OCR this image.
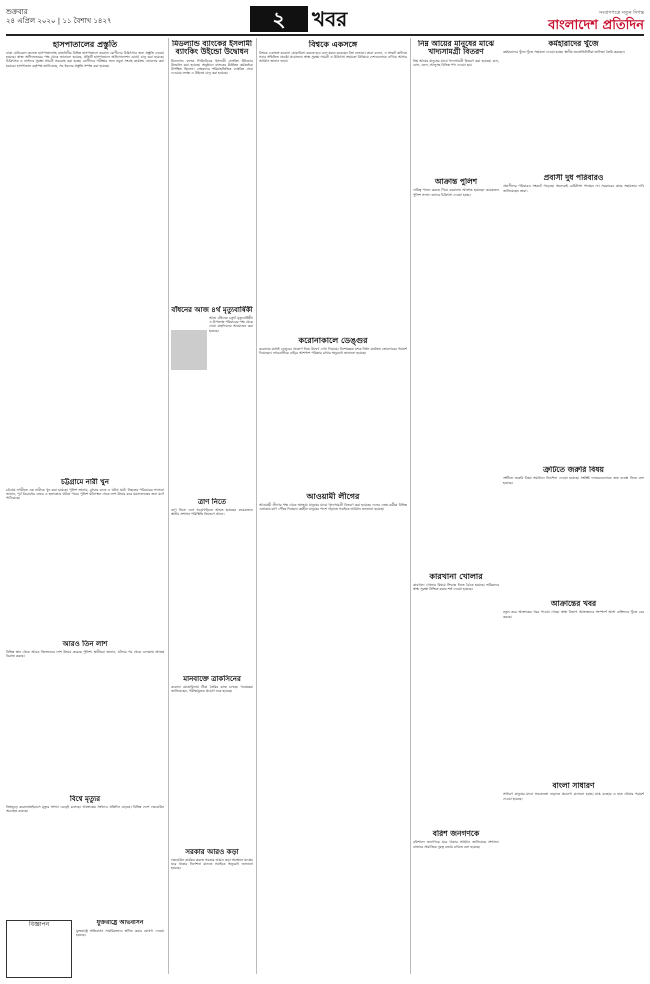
শুক্রবার
২৪ এপ্রিল ২০২০ | ১১ বৈশাখ ১৪২৭	২	খবর	সংবাদপত্রে নতুন দিগন্ত
বাংলাদেশ প্রতিদিন
হাসপাতালের প্রস্তুতি

ঢাকা মেডিকেল কলেজ হাসপাতালসহ রাজধানীর বিভিন্ন হাসপাতালে করোনা রোগীদের চিকিৎসার জন্য প্রস্তুতি নেওয়া হয়েছে। স্বাস্থ্য অধিদফতরের পক্ষ থেকে জানানো হয়েছে, প্রতিটি হাসপাতালে আইসোলেশন ওয়ার্ড চালু করা হয়েছে। চিকিৎসক ও নার্সদের সুরক্ষা সামগ্রী সরবরাহ করা হচ্ছে। রোগীদের পরীক্ষার জন্য নমুনা সংগ্রহ কার্যক্রম জোরদার করা হয়েছে। হাসপাতাল কর্তৃপক্ষ জানিয়েছে, সব ধরনের প্রস্তুতি সম্পন্ন করা হয়েছে।

চট্টগ্রামে নারী খুন

চট্টগ্রাম নগরীতে এক নারীকে খুন করা হয়েছে। পুলিশ জানায়, বুধবার রাতে এ ঘটনা ঘটে। নিহতের পরিবারের সদস্যরা জানান, পূর্ব বিরোধের জেরে এ হত্যাকাণ্ড ঘটতে পারে। পুলিশ ঘটনাস্থল থেকে লাশ উদ্ধার করে ময়নাতদন্তের জন্য মর্গে পাঠিয়েছে।

আরও তিন লাশ

বিভিন্ন স্থান থেকে আরও তিনজনের লাশ উদ্ধার করেছে পুলিশ। স্থানীয়রা জানান, ঘটনার পর থেকে এলাকায় আতঙ্ক বিরাজ করছে।

বিশ্বে মৃত্যুর

বিশ্বজুড়ে করোনাভাইরাসে মৃত্যুর সংখ্যা বেড়েই চলেছে। আক্রান্তের সংখ্যাও প্রতিদিন বাড়ছে। বিভিন্ন দেশে লকডাউন অব্যাহত রয়েছে।

বিজ্ঞাপন	যুক্তরাষ্ট্রে অভিবাসন

যুক্তরাষ্ট্রে অভিবাসন সাময়িকভাবে স্থগিত করার ঘোষণা দেওয়া হয়েছে।

মিডল্যান্ড ব্যাংকের ইসলামী ব্যাংকিং উইন্ডো উদ্বোধন

মিডল্যান্ড ব্যাংক লিমিটেডের ইসলামী ব্যাংকিং উইন্ডোর উদ্বোধন করা হয়েছে। অনুষ্ঠানে ব্যাংকের ঊর্ধ্বতন কর্মকর্তারা উপস্থিত ছিলেন। গ্রাহকদের শরিয়াহভিত্তিক ব্যাংকিং সেবা দেওয়ার লক্ষ্যে এ উইন্ডো চালু করা হয়েছে।

বাঁধনের আজ ৪র্থ মৃত্যুবার্ষিকী

আজ বাঁধনের চতুর্থ মৃত্যুবার্ষিকী। এ উপলক্ষে পরিবারের পক্ষ থেকে দোয়া মাহফিলের আয়োজন করা হয়েছে।

ত্রাণ নিতে

ত্রাণ নিতে এসে হুড়োহুড়িতে আহত হয়েছেন কয়েকজন। স্থানীয় প্রশাসন পরিস্থিতি নিয়ন্ত্রণে আনে।

মানবাক্তে ত্রাকসিনের

করোনা মোকাবিলায় টিকা তৈরির কাজ চলছে। গবেষকরা জানিয়েছেন, পরীক্ষামূলক প্রয়োগ শুরু হয়েছে।

সরকার আরও কড়া

লকডাউন কার্যকর করতে সরকার আরও কড়া অবস্থানে যাচ্ছে। ঘরে থাকার নির্দেশনা মানতে সবাইকে অনুরোধ জানানো হয়েছে।

বিশ্বকে একসঙ্গে

বিশ্বকে একসঙ্গে করোনা মোকাবিলা করতে হবে বলে মন্তব্য করেছেন বিশ্ব নেতারা। তারা বলেন, এ সংকট কাটাতে সবার সম্মিলিত প্রচেষ্টা প্রয়োজন। স্বাস্থ্য সুরক্ষা সামগ্রী ও চিকিৎসা সহায়তা বিনিময়ে দেশগুলোকে এগিয়ে আসার আহ্বান জানান তারা।

করোনাকালে ডেঙ্গুর

করোনার মধ্যেই ডেঙ্গুর প্রকোপ নিয়ে উদ্বেগ দেখা দিয়েছে। বিশেষজ্ঞরা মশক নিধন কার্যক্রম জোরদারের পরামর্শ দিয়েছেন। নগরবাসীকে বাড়ির আশপাশ পরিষ্কার রাখার অনুরোধ জানানো হয়েছে।

আওয়ামী লীগের

আওয়ামী লীগের পক্ষ থেকে অসহায় মানুষের মাঝে খাদ্যসামগ্রী বিতরণ করা হয়েছে। দলের নেতা-কর্মীরা বিভিন্ন এলাকায় ত্রাণ পৌঁছে দিচ্ছেন। কর্মহীন মানুষের পাশে দাঁড়াতে সবাইকে আহ্বান জানানো হয়েছে।

নিম্ন আয়ের মানুষের মাঝে খাদ্যসামগ্রী বিতরণ

নিম্ন আয়ের মানুষের মাঝে খাদ্যসামগ্রী বিতরণ করা হয়েছে। চাল, ডাল, তেল, আলুসহ বিভিন্ন পণ্য দেওয়া হয়।

আক্রান্ত পুলিশ

দায়িত্ব পালন করতে গিয়ে করোনায় আক্রান্ত হয়েছেন কয়েকজন পুলিশ সদস্য। তাদের চিকিৎসা দেওয়া হচ্ছে।

কারখানা খোলার

কারখানা খোলার বিষয়ে সিদ্ধান্ত নিতে বৈঠক হয়েছে। শ্রমিকদের স্বাস্থ্য সুরক্ষা নিশ্চিত করার শর্ত দেওয়া হয়েছে।

বরিশ জনগণকে

বরিশালে জনগণকে ঘরে থাকার আহ্বান জানিয়েছে প্রশাসন। বাজারে সামাজিক দূরত্ব বজায় রাখতে বলা হয়েছে।

কর্মহারাদের খুঁজে

কর্মহারাদের খুঁজে খুঁজে সহায়তা দেওয়া হচ্ছে। স্থানীয় জনপ্রতিনিধিরা তালিকা তৈরি করছেন।

প্রবাসী দুধ পরিবারও

প্রবাসীদের পরিবারও সংকটে পড়েছে। অনেকেই রেমিট্যান্স পাচ্ছেন না। সরকারের কাছে সহায়তার দাবি জানিয়েছেন তারা।

ত্রুটিতে জরুরি বিষয়

ত্রুটিতে জরুরি বিষয় সমাধানে নির্দেশনা দেওয়া হয়েছে। সংশ্লিষ্ট দফতরগুলোকে দ্রুত ব্যবস্থা নিতে বলা হয়েছে।

আক্রান্তের খবর

নতুন করে আক্রান্তের খবর পাওয়া গেছে। স্বাস্থ্য বিভাগ আক্রান্তদের সংস্পর্শে আসা ব্যক্তিদের খুঁজে বের করছে।

বাংলা সাধারণ

সাধারণ মানুষের মাঝে সচেতনতা বাড়াতে প্রচারণা চালানো হচ্ছে। মাস্ক ব্যবহার ও হাত ধোয়ার পরামর্শ দেওয়া হয়েছে।
